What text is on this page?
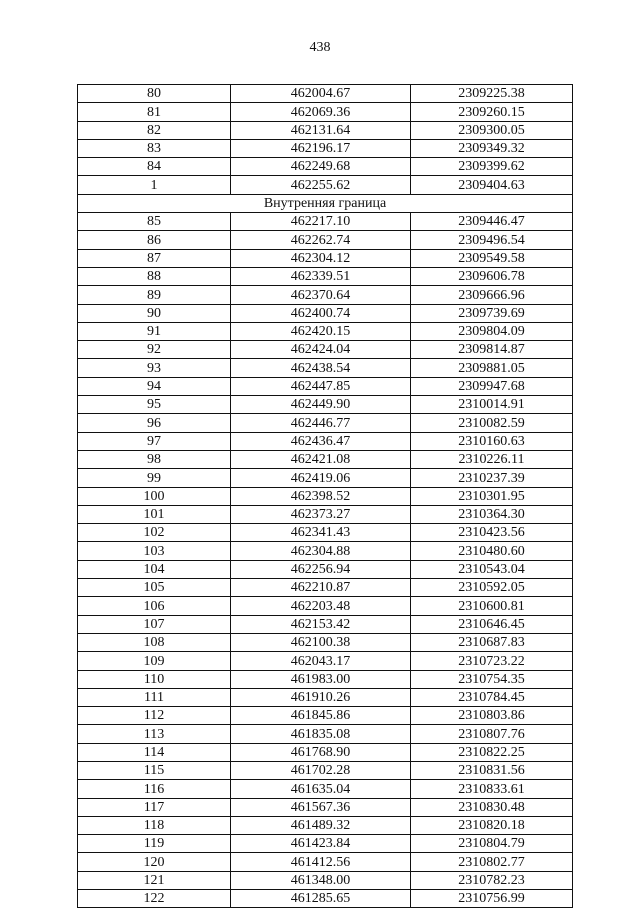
438
80	462004.67	2309225.38
81	462069.36	2309260.15
82	462131.64	2309300.05
83	462196.17	2309349.32
84	462249.68	2309399.62
1	462255.62	2309404.63
Внутренняя граница		
85	462217.10	2309446.47
86	462262.74	2309496.54
87	462304.12	2309549.58
88	462339.51	2309606.78
89	462370.64	2309666.96
90	462400.74	2309739.69
91	462420.15	2309804.09
92	462424.04	2309814.87
93	462438.54	2309881.05
94	462447.85	2309947.68
95	462449.90	2310014.91
96	462446.77	2310082.59
97	462436.47	2310160.63
98	462421.08	2310226.11
99	462419.06	2310237.39
100	462398.52	2310301.95
101	462373.27	2310364.30
102	462341.43	2310423.56
103	462304.88	2310480.60
104	462256.94	2310543.04
105	462210.87	2310592.05
106	462203.48	2310600.81
107	462153.42	2310646.45
108	462100.38	2310687.83
109	462043.17	2310723.22
110	461983.00	2310754.35
111	461910.26	2310784.45
112	461845.86	2310803.86
113	461835.08	2310807.76
114	461768.90	2310822.25
115	461702.28	2310831.56
116	461635.04	2310833.61
117	461567.36	2310830.48
118	461489.32	2310820.18
119	461423.84	2310804.79
120	461412.56	2310802.77
121	461348.00	2310782.23
122	461285.65	2310756.99
